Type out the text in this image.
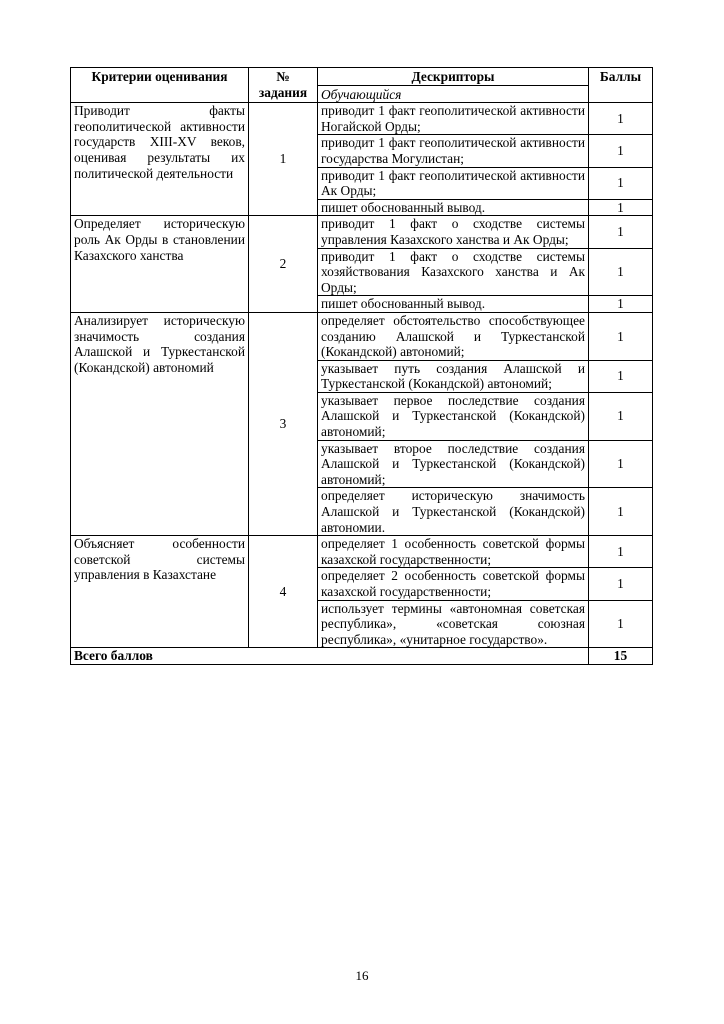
Критерии оценивания	№ задания	Дескрипторы	Баллы
		Обучающийся	
Приводит факты геополитической активности государств XIII-XV веков, оценивая результаты их политической деятельности	1	приводит 1 факт геополитической активности Ногайской Орды;	1
		приводит 1 факт геополитической активности государства Могулистан;	1
		приводит 1 факт геополитической активности Ак Орды;	1
		пишет обоснованный вывод.	1
Определяет историческую роль Ак Орды в становлении Казахского ханства	2	приводит 1 факт о сходстве системы управления Казахского ханства и Ак Орды;	1
		приводит 1 факт о сходстве системы хозяйствования Казахского ханства и Ак Орды;	1
		пишет обоснованный вывод.	1
Анализирует историческую значимость создания Алашской и Туркестанской (Кокандской) автономий	3	определяет обстоятельство способствующее созданию Алашской и Туркестанской (Кокандской) автономий;	1
		указывает путь создания Алашской и Туркестанской (Кокандской) автономий;	1
		указывает первое последствие создания Алашской и Туркестанской (Кокандской) автономий;	1
		указывает второе последствие создания Алашской и Туркестанской (Кокандской) автономий;	1
		определяет историческую значимость Алашской и Туркестанской (Кокандской) автономии.	1
Объясняет особенности советской системы управления в Казахстане	4	определяет 1 особенность советской формы казахской государственности;	1
		определяет 2 особенность советской формы казахской государственности;	1
		использует термины «автономная советская республика», «советская союзная республика», «унитарное государство».	1
Всего баллов			15
16
